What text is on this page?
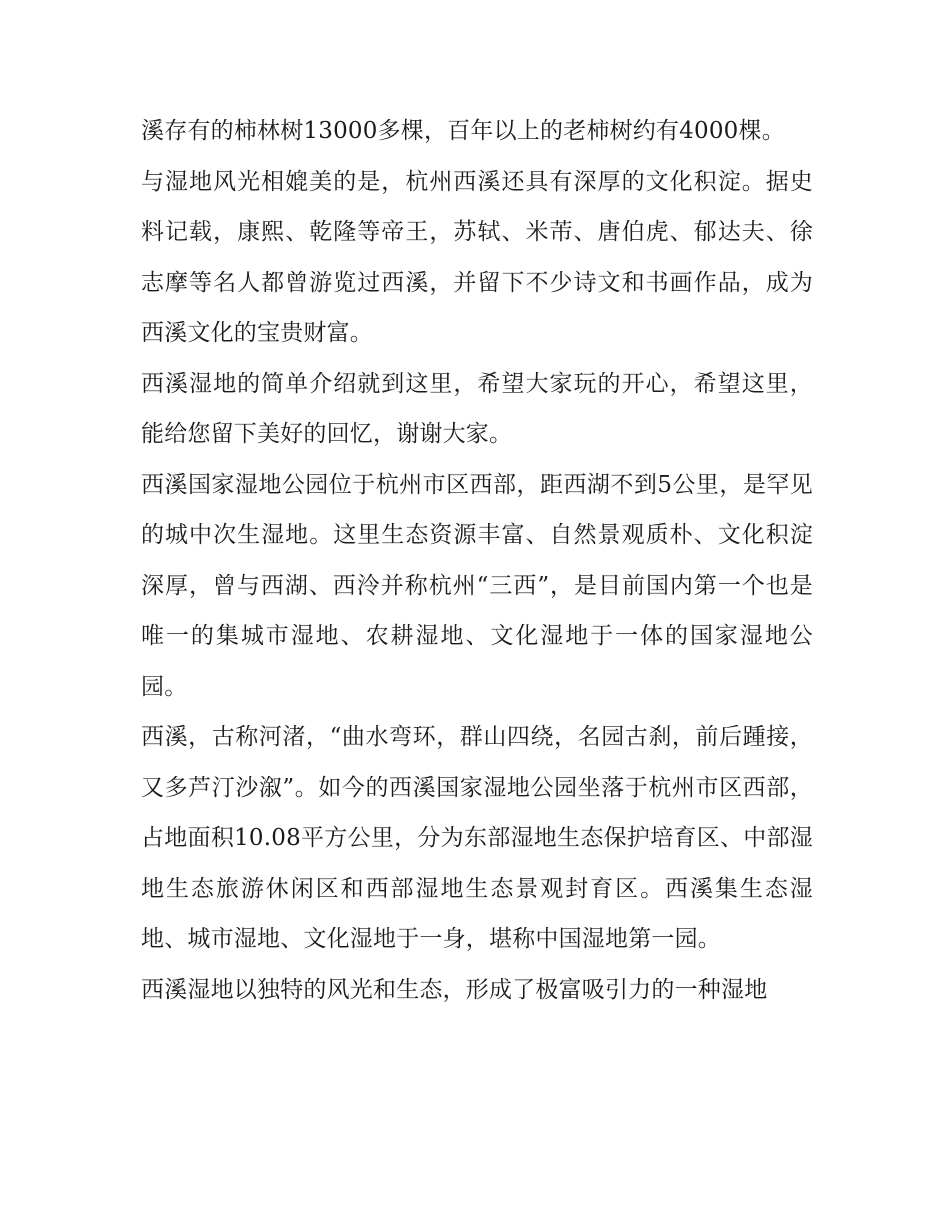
溪存有的柿林树13000多棵，百年以上的老柿树约有4000棵。

与湿地风光相媲美的是，杭州西溪还具有深厚的文化积淀。据史料记载，康熙、乾隆等帝王，苏轼、米芾、唐伯虎、郁达夫、徐志摩等名人都曾游览过西溪，并留下不少诗文和书画作品，成为西溪文化的宝贵财富。

西溪湿地的简单介绍就到这里，希望大家玩的开心，希望这里，能给您留下美好的回忆，谢谢大家。

西溪国家湿地公园位于杭州市区西部，距西湖不到5公里，是罕见的城中次生湿地。这里生态资源丰富、自然景观质朴、文化积淀深厚，曾与西湖、西泠并称杭州“三西”，是目前国内第一个也是唯一的集城市湿地、农耕湿地、文化湿地于一体的国家湿地公园。

西溪，古称河渚，“曲水弯环，群山四绕，名园古刹，前后踵接，又多芦汀沙溆”。如今的西溪国家湿地公园坐落于杭州市区西部，占地面积10.08平方公里，分为东部湿地生态保护培育区、中部湿地生态旅游休闲区和西部湿地生态景观封育区。西溪集生态湿地、城市湿地、文化湿地于一身，堪称中国湿地第一园。

西溪湿地以独特的风光和生态，形成了极富吸引力的一种湿地
